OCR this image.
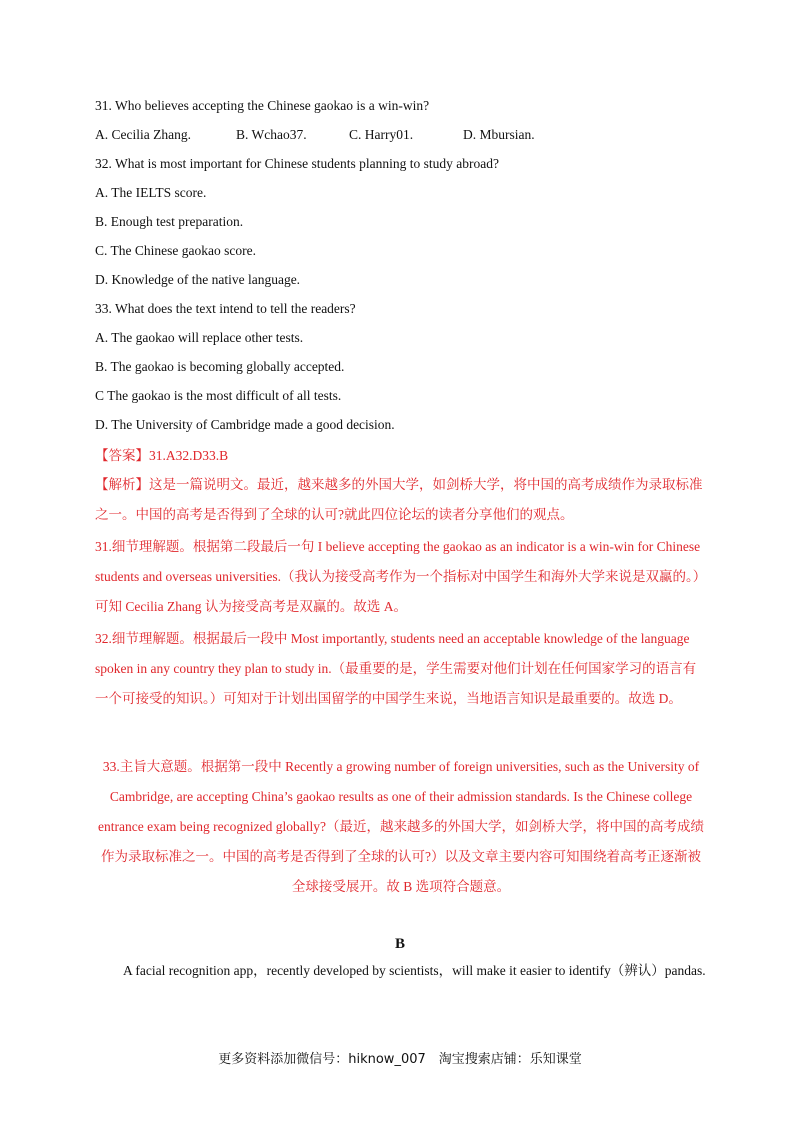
31. Who believes accepting the Chinese gaokao is a win-win?
A. Cecilia Zhang.	B. Wchao37.	C. Harry01.	D. Mbursian.
32. What is most important for Chinese students planning to study abroad?
A. The IELTS score.
B. Enough test preparation.
C. The Chinese gaokao score.
D. Knowledge of the native language.
33. What does the text intend to tell the readers?
A. The gaokao will replace other tests.
B. The gaokao is becoming globally accepted.
C The gaokao is the most difficult of all tests.
D. The University of Cambridge made a good decision.
【答案】31.A32.D33.B

【解析】这是一篇说明文。最近，越来越多的外国大学，如剑桥大学，将中国的高考成绩作为录取标准之一。中国的高考是否得到了全球的认可?就此四位论坛的读者分享他们的观点。

31.细节理解题。根据第二段最后一句 I believe accepting the gaokao as an indicator is a win-win for Chinese students and overseas universities.（我认为接受高考作为一个指标对中国学生和海外大学来说是双赢的。）可知 Cecilia Zhang 认为接受高考是双赢的。故选 A。

32.细节理解题。根据最后一段中 Most importantly, students need an acceptable knowledge of the language spoken in any country they plan to study in.（最重要的是，学生需要对他们计划在任何国家学习的语言有一个可接受的知识。）可知对于计划出国留学的中国学生来说，当地语言知识是最重要的。故选 D。

33.主旨大意题。根据第一段中 Recently a growing number of foreign universities, such as the University of Cambridge, are accepting China’s gaokao results as one of their admission standards. Is the Chinese college entrance exam being recognized globally?（最近，越来越多的外国大学，如剑桥大学，将中国的高考成绩作为录取标准之一。中国的高考是否得到了全球的认可?）以及文章主要内容可知围绕着高考正逐渐被全球接受展开。故 B 选项符合题意。

B
A facial recognition app，recently developed by scientists，will make it easier to identify（辨认）pandas.
更多资料添加微信号：hiknow_007　淘宝搜索店铺：乐知课堂
